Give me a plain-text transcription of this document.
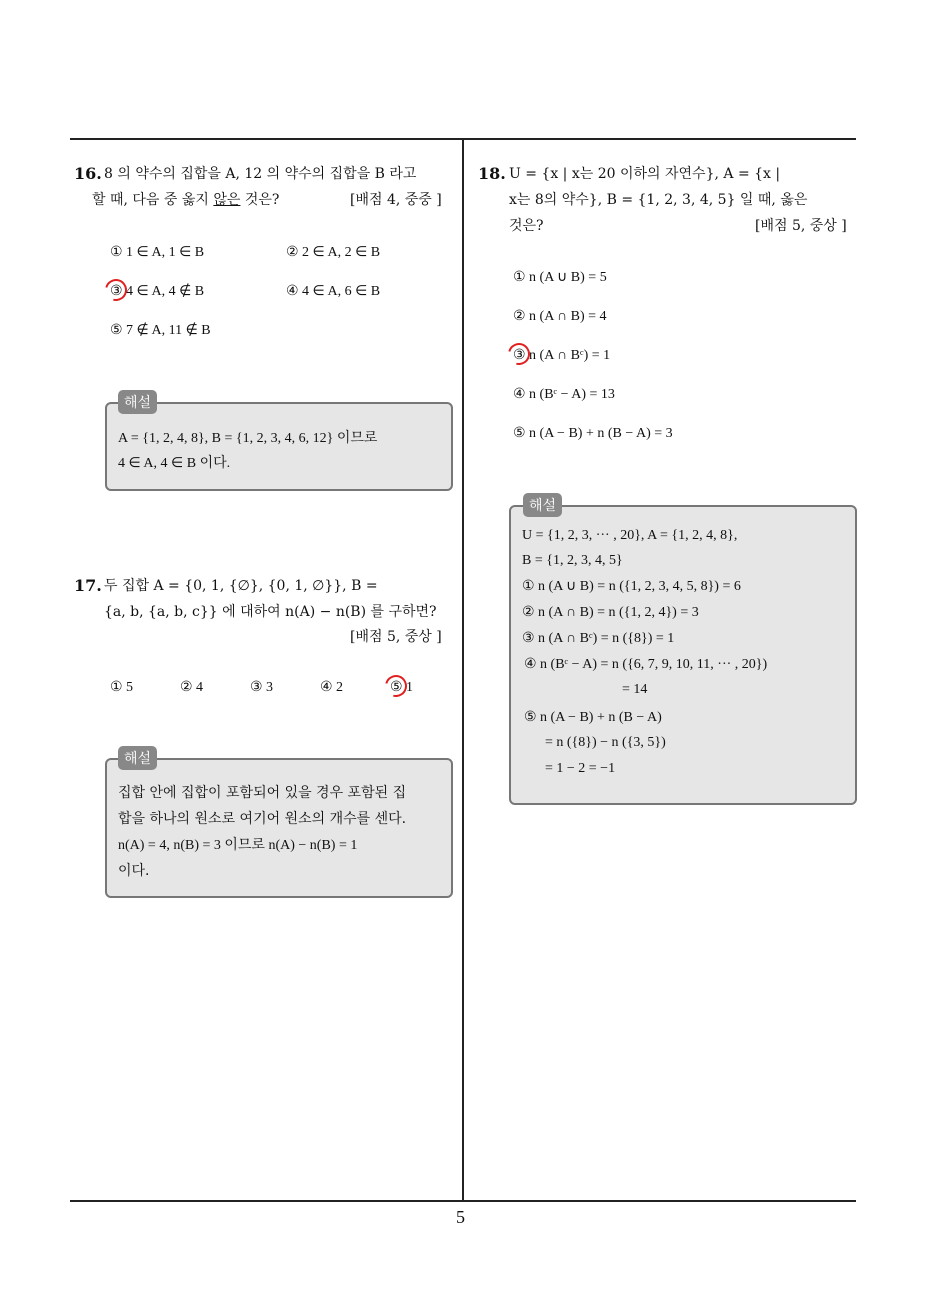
5
16. 8 의 약수의 집합을 A, 12 의 약수의 집합을 B 라고
할 때, 다음 중 옳지 않은 것은?	[배점 4, 중중 ]
① 1 ∈ A, 1 ∈ B	② 2 ∈ A, 2 ∈ B
③ 4 ∈ A, 4 ∉ B	④ 4 ∈ A, 6 ∈ B
⑤ 7 ∉ A, 11 ∉ B
해설
A = {1, 2, 4, 8}, B = {1, 2, 3, 4, 6, 12} 이므로
4 ∈ A, 4 ∈ B 이다.
17. 두 집합 A = {0, 1, {∅}, {0, 1, ∅}}, B =
{a, b, {a, b, c}} 에 대하여 n(A) − n(B) 를 구하면?
[배점 5, 중상 ]
① 5	② 4	③ 3	④ 2	⑤ 1
해설
집합 안에 집합이 포함되어 있을 경우 포함된 집
합을 하나의 원소로 여기어 원소의 개수를 센다.
n(A) = 4, n(B) = 3 이므로 n(A) − n(B) = 1
이다.
18. U = {x | x는 20 이하의 자연수}, A = {x |
x는 8의 약수}, B = {1, 2, 3, 4, 5} 일 때, 옳은
것은?	[배점 5, 중상 ]
① n (A ∪ B) = 5
② n (A ∩ B) = 4
③ n (A ∩ Bᶜ) = 1
④ n (Bᶜ − A) = 13
⑤ n (A − B) + n (B − A) = 3
해설
U = {1, 2, 3, ··· , 20}, A = {1, 2, 4, 8},
B = {1, 2, 3, 4, 5}
① n (A ∪ B) = n ({1, 2, 3, 4, 5, 8}) = 6
② n (A ∩ B) = n ({1, 2, 4}) = 3
③ n (A ∩ Bᶜ) = n ({8}) = 1
④ n (Bᶜ − A) = n ({6, 7, 9, 10, 11, ··· , 20})
= 14
⑤ n (A − B) + n (B − A)
= n ({8}) − n ({3, 5})
= 1 − 2 = −1
